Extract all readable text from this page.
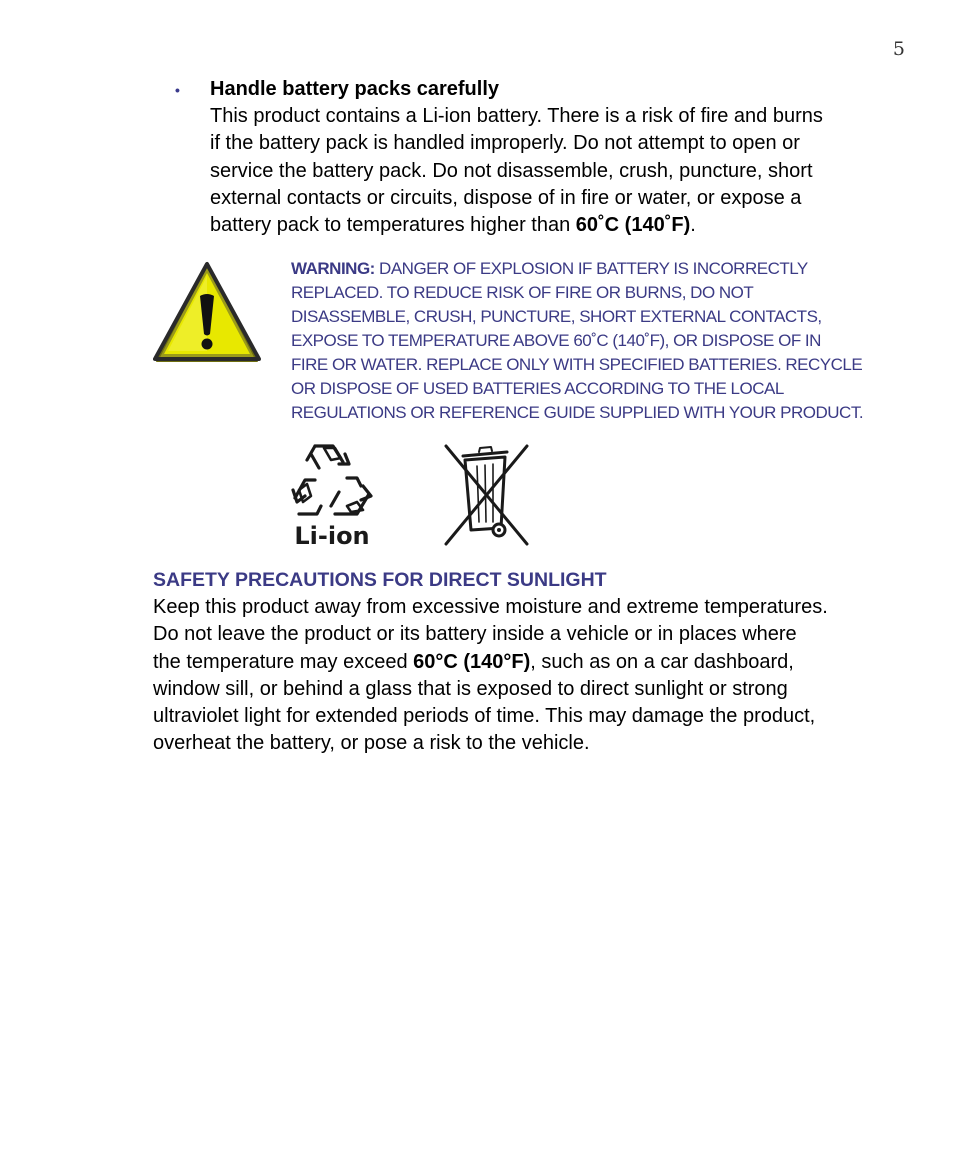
5
• Handle battery packs carefully
This product contains a Li-ion battery. There is a risk of fire and burns
if the battery pack is handled improperly. Do not attempt to open or
service the battery pack. Do not disassemble, crush, puncture, short
external contacts or circuits, dispose of in fire or water, or expose a
battery pack to temperatures higher than 60˚C (140˚F).
WARNING: DANGER OF EXPLOSION IF BATTERY IS INCORRECTLY
REPLACED. TO REDUCE RISK OF FIRE OR BURNS, DO NOT
DISASSEMBLE, CRUSH, PUNCTURE, SHORT EXTERNAL CONTACTS,
EXPOSE TO TEMPERATURE ABOVE 60˚C (140˚F), OR DISPOSE OF IN
FIRE OR WATER. REPLACE ONLY WITH SPECIFIED BATTERIES. RECYCLE
OR DISPOSE OF USED BATTERIES ACCORDING TO THE LOCAL
REGULATIONS OR REFERENCE GUIDE SUPPLIED WITH YOUR PRODUCT.
Li-ion
SAFETY PRECAUTIONS FOR DIRECT SUNLIGHT
Keep this product away from excessive moisture and extreme temperatures.
Do not leave the product or its battery inside a vehicle or in places where
the temperature may exceed 60°C (140°F), such as on a car dashboard,
window sill, or behind a glass that is exposed to direct sunlight or strong
ultraviolet light for extended periods of time. This may damage the product,
overheat the battery, or pose a risk to the vehicle.
